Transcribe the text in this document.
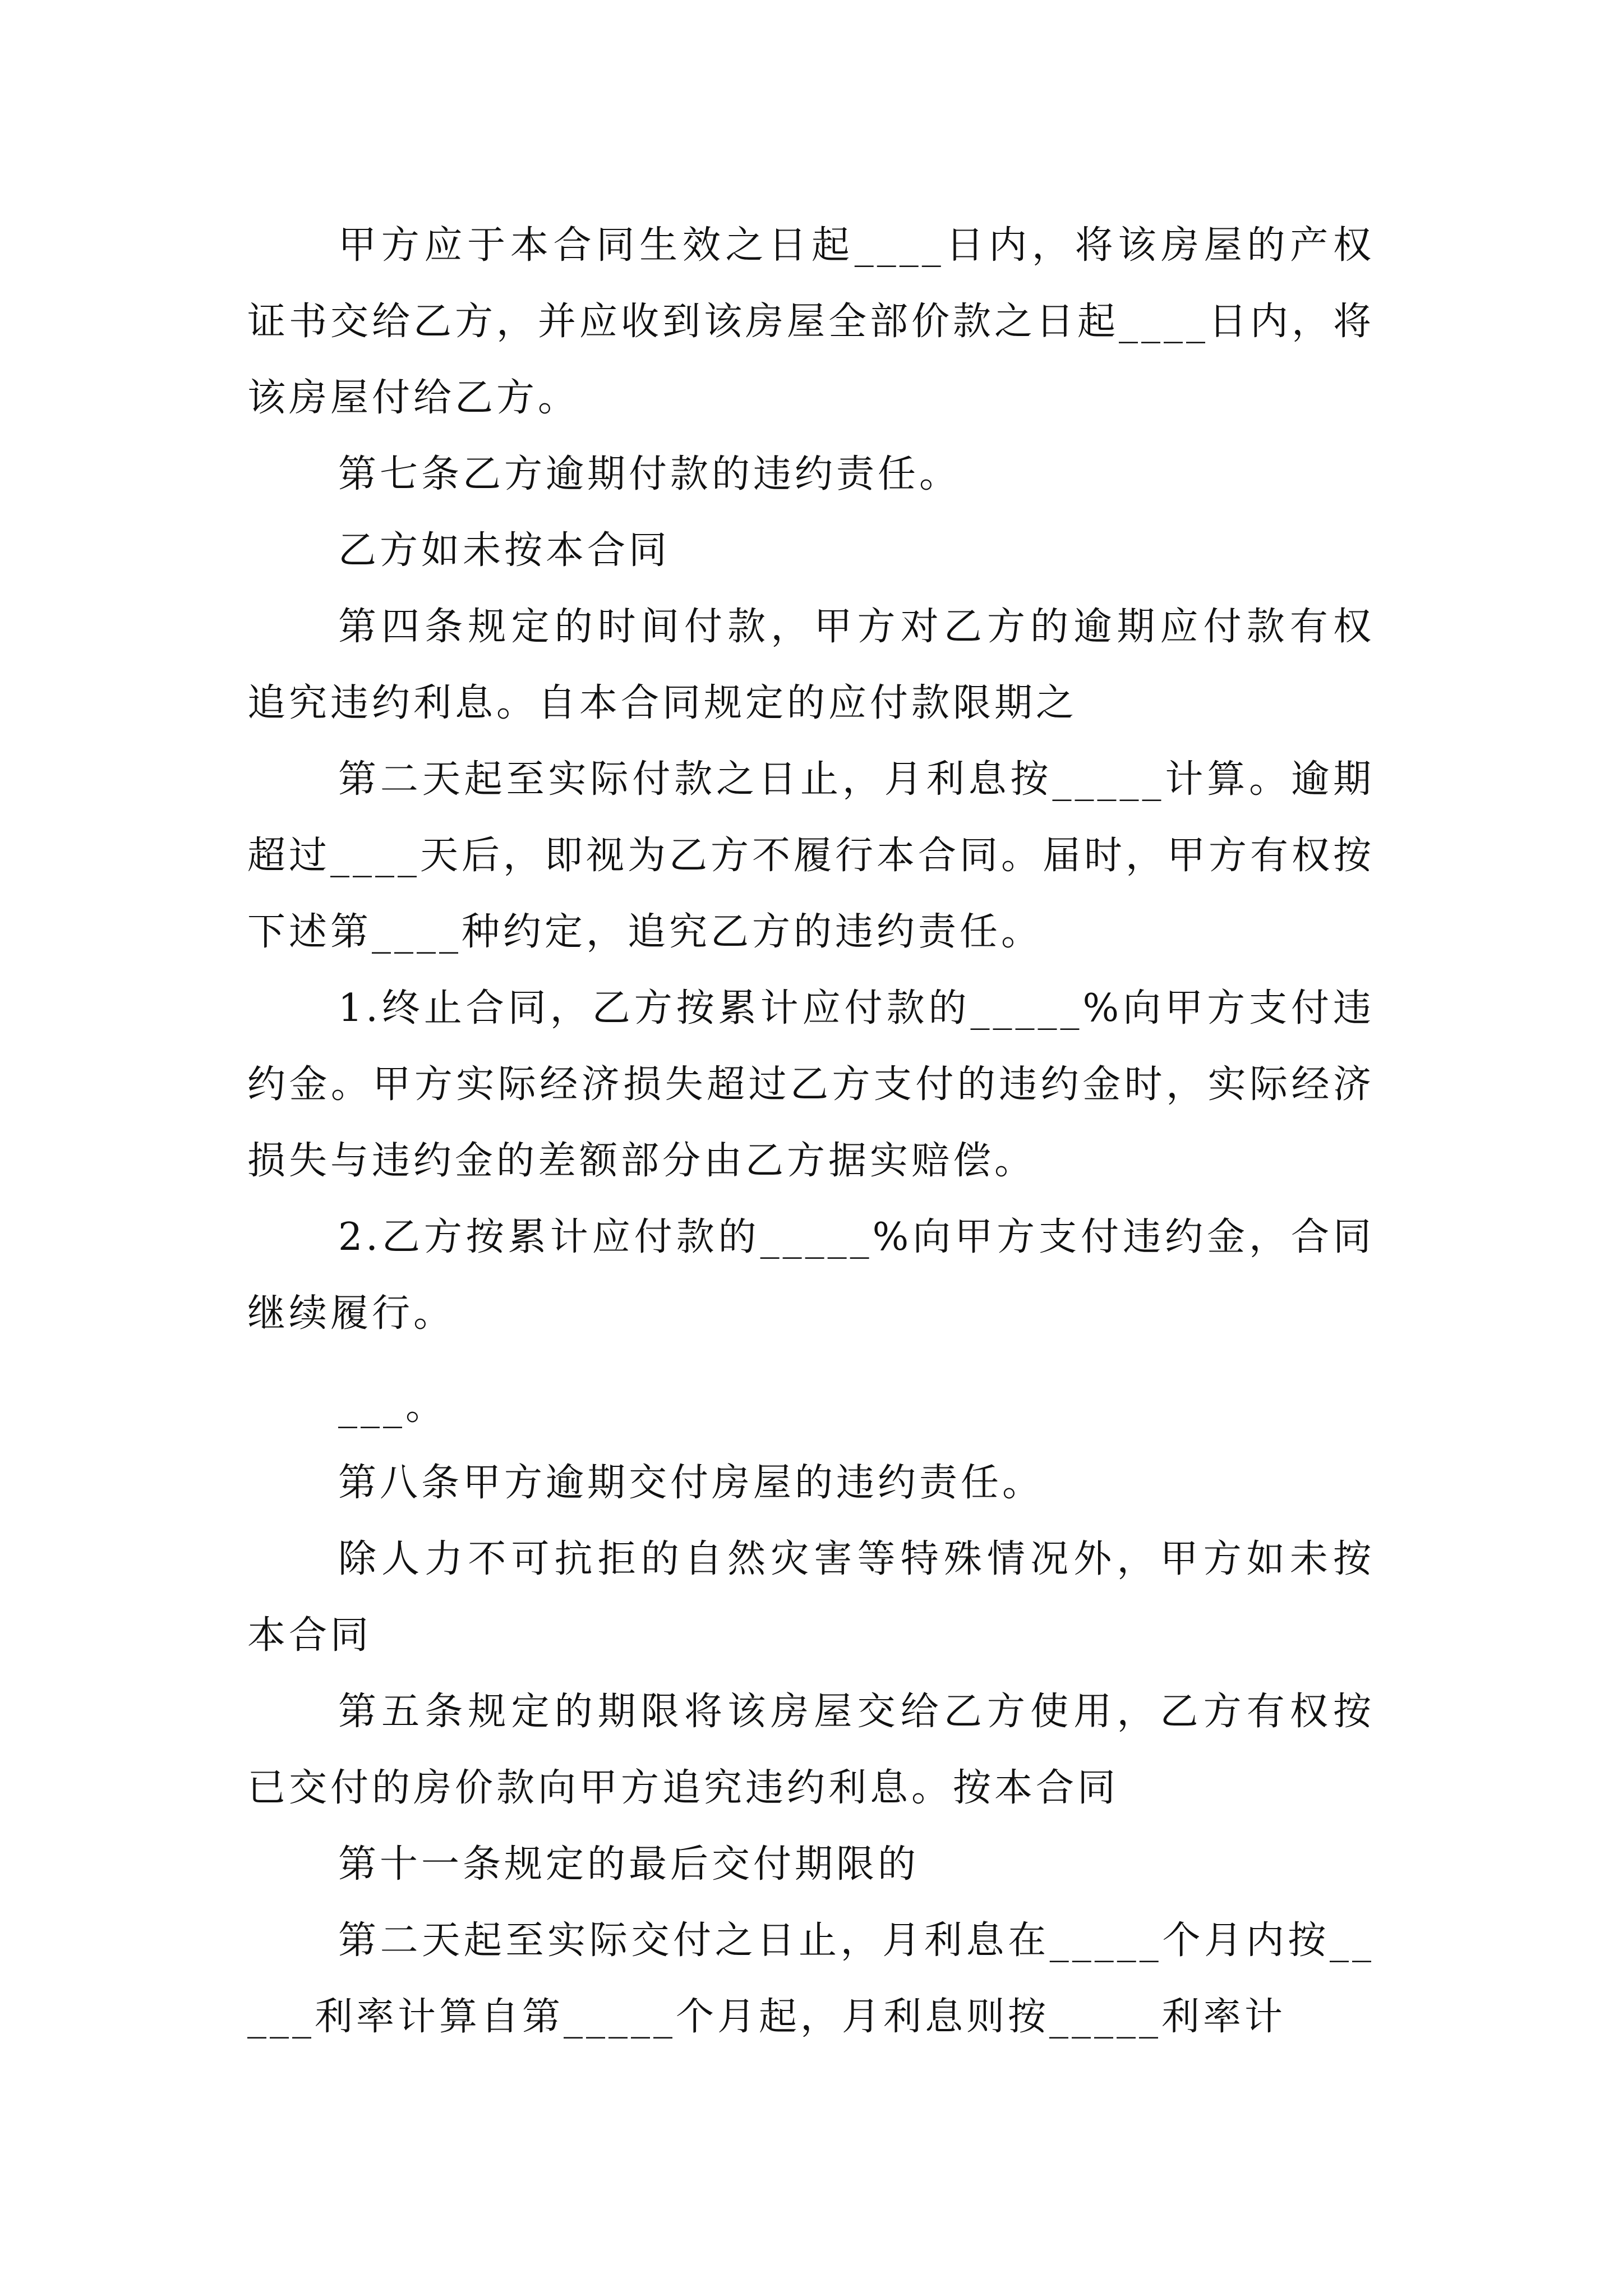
甲方应于本合同生效之日起____日内，将该房屋的产权证书交给乙方，并应收到该房屋全部价款之日起____日内，将该房屋付给乙方。

第七条乙方逾期付款的违约责任。

乙方如未按本合同

第四条规定的时间付款，甲方对乙方的逾期应付款有权追究违约利息。自本合同规定的应付款限期之

第二天起至实际付款之日止，月利息按_____计算。逾期超过____天后，即视为乙方不履行本合同。届时，甲方有权按下述第____种约定，追究乙方的违约责任。

1.终止合同，乙方按累计应付款的_____%向甲方支付违约金。甲方实际经济损失超过乙方支付的违约金时，实际经济损失与违约金的差额部分由乙方据实赔偿。

2.乙方按累计应付款的_____%向甲方支付违约金，合同继续履行。

___。

第八条甲方逾期交付房屋的违约责任。

除人力不可抗拒的自然灾害等特殊情况外，甲方如未按本合同

第五条规定的期限将该房屋交给乙方使用，乙方有权按已交付的房价款向甲方追究违约利息。按本合同

第十一条规定的最后交付期限的

第二天起至实际交付之日止，月利息在_____个月内按_____利率计算自第_____个月起，月利息则按_____利率计
